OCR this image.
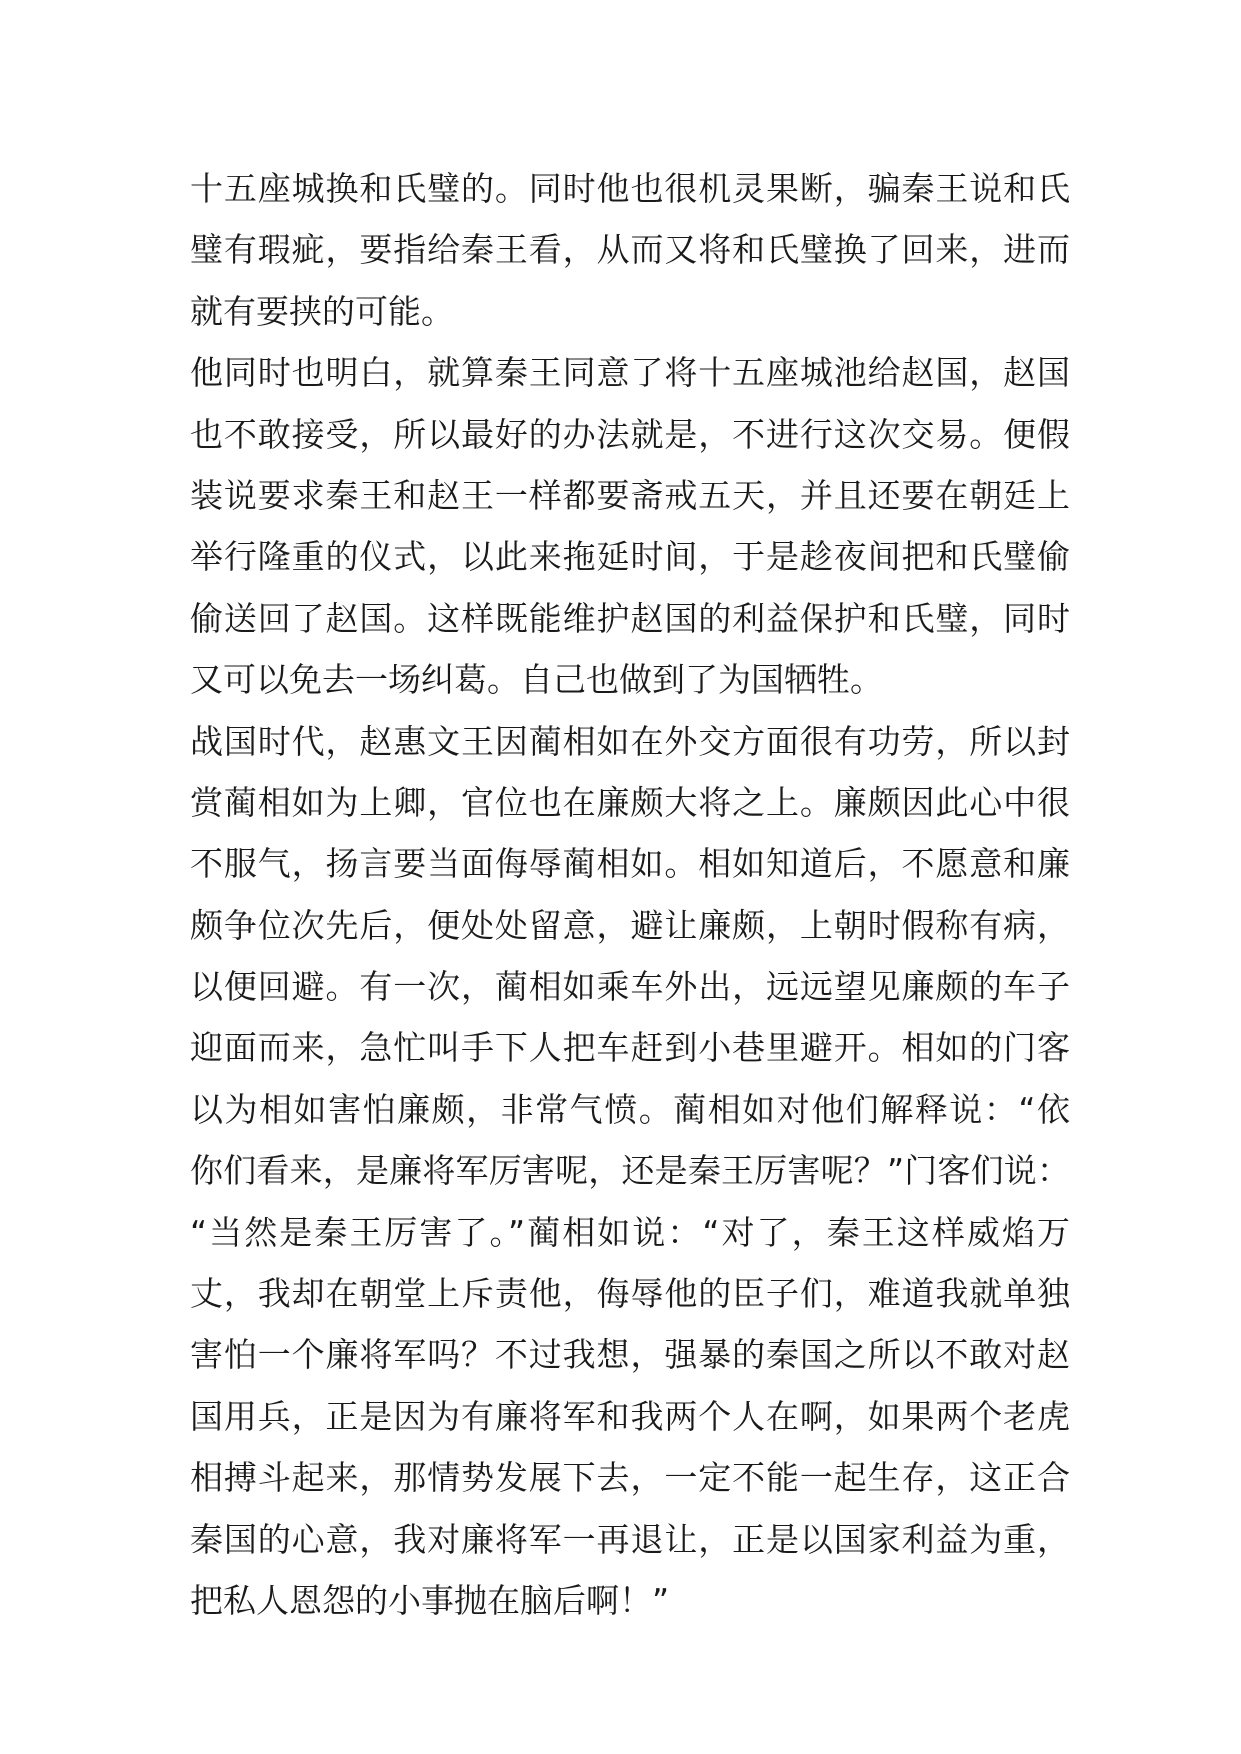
十五座城换和氏璧的。同时他也很机灵果断，骗秦王说和氏
璧有瑕疵，要指给秦王看，从而又将和氏璧换了回来，进而
就有要挟的可能。
他同时也明白，就算秦王同意了将十五座城池给赵国，赵国
也不敢接受，所以最好的办法就是，不进行这次交易。便假
装说要求秦王和赵王一样都要斋戒五天，并且还要在朝廷上
举行隆重的仪式，以此来拖延时间，于是趁夜间把和氏璧偷
偷送回了赵国。这样既能维护赵国的利益保护和氏璧，同时
又可以免去一场纠葛。自己也做到了为国牺牲。
战国时代，赵惠文王因蔺相如在外交方面很有功劳，所以封
赏蔺相如为上卿，官位也在廉颇大将之上。廉颇因此心中很
不服气，扬言要当面侮辱蔺相如。相如知道后，不愿意和廉
颇争位次先后，便处处留意，避让廉颇，上朝时假称有病，
以便回避。有一次，蔺相如乘车外出，远远望见廉颇的车子
迎面而来，急忙叫手下人把车赶到小巷里避开。相如的门客
以为相如害怕廉颇，非常气愤。蔺相如对他们解释说：“依
你们看来，是廉将军厉害呢，还是秦王厉害呢？”门客们说：
“当然是秦王厉害了。”蔺相如说：“对了，秦王这样威焰万
丈，我却在朝堂上斥责他，侮辱他的臣子们，难道我就单独
害怕一个廉将军吗？不过我想，强暴的秦国之所以不敢对赵
国用兵，正是因为有廉将军和我两个人在啊，如果两个老虎
相搏斗起来，那情势发展下去，一定不能一起生存，这正合
秦国的心意，我对廉将军一再退让，正是以国家利益为重，
把私人恩怨的小事抛在脑后啊！”
